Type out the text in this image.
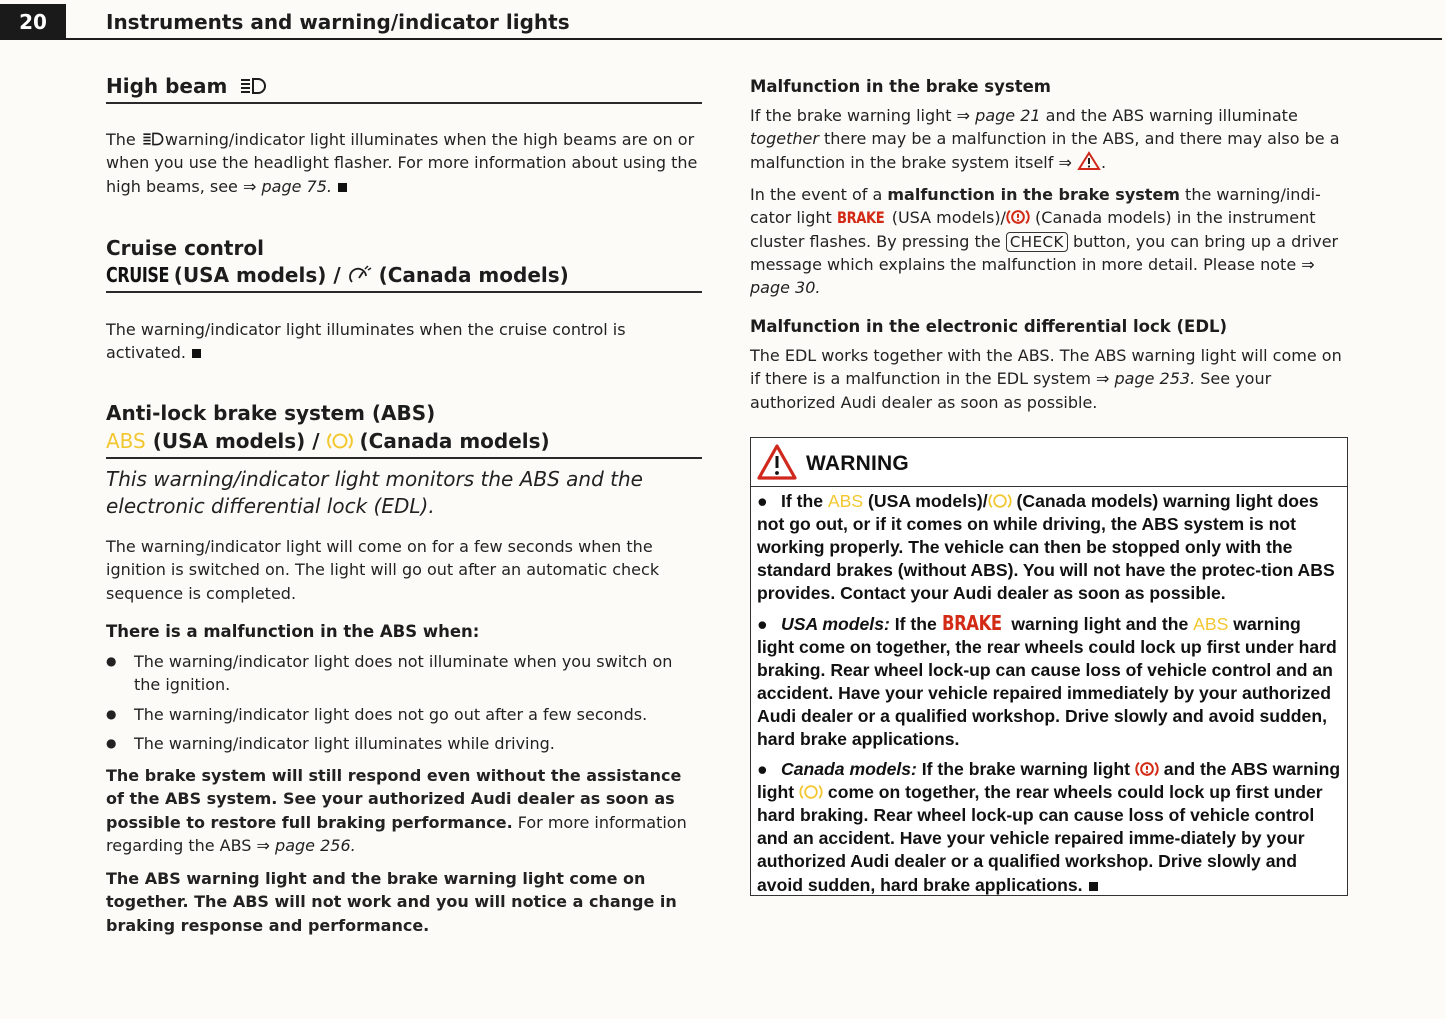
20	Instruments and warning/indicator lights
High beam
The warning/indicator light illuminates when the high beams are on or when you use the headlight flasher. For more information about using the high beams, see ⇒ page 75.
Cruise control
CRUISE (USA models) / (Canada models)
The warning/indicator light illuminates when the cruise control is activated.
Anti-lock brake system (ABS)
ABS (USA models) / (Canada models)
This warning/indicator light monitors the ABS and the electronic differential lock (EDL).
The warning/indicator light will come on for a few seconds when the ignition is switched on. The light will go out after an automatic check sequence is completed.
There is a malfunction in the ABS when:
● The warning/indicator light does not illuminate when you switch on the ignition.
● The warning/indicator light does not go out after a few seconds.
● The warning/indicator light illuminates while driving.
The brake system will still respond even without the assistance of the ABS system. See your authorized Audi dealer as soon as possible to restore full braking performance. For more information regarding the ABS ⇒ page 256.
The ABS warning light and the brake warning light come on together. The ABS will not work and you will notice a change in braking response and performance.
Malfunction in the brake system
If the brake warning light ⇒ page 21 and the ABS warning illuminate together there may be a malfunction in the ABS, and there may also be a malfunction in the brake system itself ⇒ .
In the event of a malfunction in the brake system the warning/indi-cator light BRAKE (USA models)/ (Canada models) in the instrument cluster flashes. By pressing the CHECK button, you can bring up a driver message which explains the malfunction in more detail. Please note ⇒ page 30.
Malfunction in the electronic differential lock (EDL)
The EDL works together with the ABS. The ABS warning light will come on if there is a malfunction in the EDL system ⇒ page 253. See your authorized Audi dealer as soon as possible.
WARNING

● If the ABS (USA models)/ (Canada models) warning light does not go out, or if it comes on while driving, the ABS system is not working properly. The vehicle can then be stopped only with the standard brakes (without ABS). You will not have the protec-tion ABS provides. Contact your Audi dealer as soon as possible.

● USA models: If the BRAKE warning light and the ABS warning light come on together, the rear wheels could lock up first under hard braking. Rear wheel lock-up can cause loss of vehicle control and an accident. Have your vehicle repaired immediately by your authorized Audi dealer or a qualified workshop. Drive slowly and avoid sudden, hard brake applications.

● Canada models: If the brake warning light and the ABS warning light come on together, the rear wheels could lock up first under hard braking. Rear wheel lock-up can cause loss of vehicle control and an accident. Have your vehicle repaired imme-diately by your authorized Audi dealer or a qualified workshop. Drive slowly and avoid sudden, hard brake applications.
